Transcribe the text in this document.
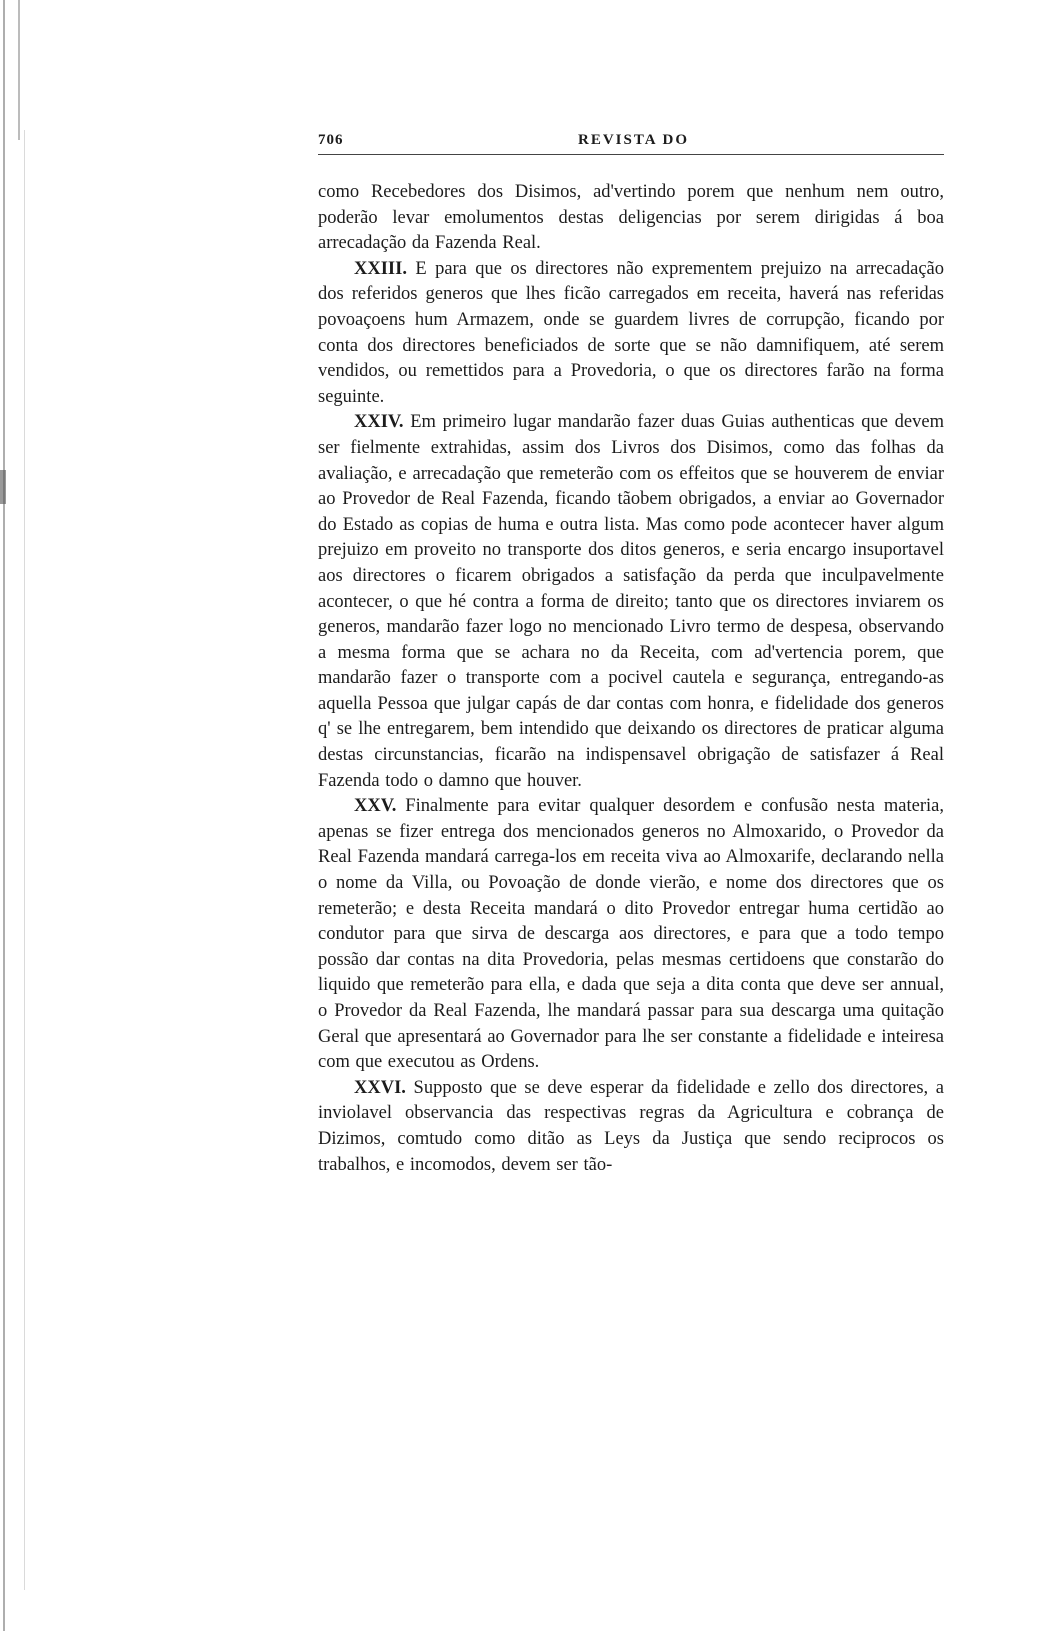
706	REVISTA DO

como Recebedores dos Disimos, ad'vertindo porem que nenhum nem outro, poderão levar emolumentos destas deligencias por serem dirigidas á boa arrecadação da Fazenda Real.

XXIII. E para que os directores não exprementem prejuizo na arrecadação dos referidos generos que lhes ficão carregados em receita, haverá nas referidas povoaçoens hum Armazem, onde se guardem livres de corrupção, ficando por conta dos directores beneficiados de sorte que se não damnifiquem, até serem vendidos, ou remettidos para a Provedoria, o que os directores farão na forma seguinte.

XXIV. Em primeiro lugar mandarão fazer duas Guias authenticas que devem ser fielmente extrahidas, assim dos Livros dos Disimos, como das folhas da avaliação, e arrecadação que remeterão com os effeitos que se houverem de enviar ao Provedor de Real Fazenda, ficando tãobem obrigados, a enviar ao Governador do Estado as copias de huma e outra lista. Mas como pode acontecer haver algum prejuizo em proveito no transporte dos ditos generos, e seria encargo insuportavel aos directores o ficarem obrigados a satisfação da perda que inculpavelmente acontecer, o que hé contra a forma de direito; tanto que os directores inviarem os generos, mandarão fazer logo no mencionado Livro termo de despesa, observando a mesma forma que se achara no da Receita, com ad'vertencia porem, que mandarão fazer o transporte com a pocivel cautela e segurança, entregando-as aquella Pessoa que julgar capás de dar contas com honra, e fidelidade dos generos q' se lhe entregarem, bem intendido que deixando os directores de praticar alguma destas circunstancias, ficarão na indispensavel obrigação de satisfazer á Real Fazenda todo o damno que houver.

XXV. Finalmente para evitar qualquer desordem e confusão nesta materia, apenas se fizer entrega dos mencionados generos no Almoxarido, o Provedor da Real Fazenda mandará carrega-los em receita viva ao Almoxarife, declarando nella o nome da Villa, ou Povoação de donde vierão, e nome dos directores que os remeterão; e desta Receita mandará o dito Provedor entregar huma certidão ao condutor para que sirva de descarga aos directores, e para que a todo tempo possão dar contas na dita Provedoria, pelas mesmas certidoens que constarão do liquido que remeterão para ella, e dada que seja a dita conta que deve ser annual, o Provedor da Real Fazenda, lhe mandará passar para sua descarga uma quitação Geral que apresentará ao Governador para lhe ser constante a fidelidade e inteiresa com que executou as Ordens.

XXVI. Supposto que se deve esperar da fidelidade e zello dos directores, a inviolavel observancia das respectivas regras da Agricultura e cobrança de Dizimos, comtudo como ditão as Leys da Justiça que sendo reciprocos os trabalhos, e incomodos, devem ser tão-
